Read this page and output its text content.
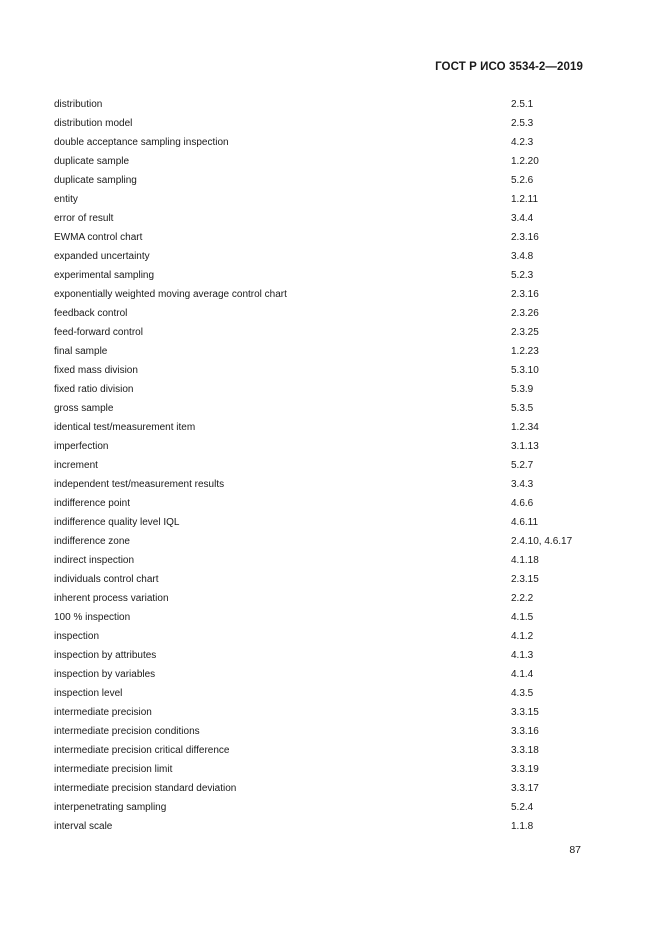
ГОСТ Р ИСО 3534-2—2019
distribution	2.5.1
distribution model	2.5.3
double acceptance sampling inspection	4.2.3
duplicate sample	1.2.20
duplicate sampling	5.2.6
entity	1.2.11
error of result	3.4.4
EWMA control chart	2.3.16
expanded uncertainty	3.4.8
experimental sampling	5.2.3
exponentially weighted moving average control chart	2.3.16
feedback control	2.3.26
feed-forward control	2.3.25
final sample	1.2.23
fixed mass division	5.3.10
fixed ratio division	5.3.9
gross sample	5.3.5
identical test/measurement item	1.2.34
imperfection	3.1.13
increment	5.2.7
independent test/measurement results	3.4.3
indifference point	4.6.6
indifference quality level IQL	4.6.11
indifference zone	2.4.10, 4.6.17
indirect inspection	4.1.18
individuals control chart	2.3.15
inherent process variation	2.2.2
100 % inspection	4.1.5
inspection	4.1.2
inspection by attributes	4.1.3
inspection by variables	4.1.4
inspection level	4.3.5
intermediate precision	3.3.15
intermediate precision conditions	3.3.16
intermediate precision critical difference	3.3.18
intermediate precision limit	3.3.19
intermediate precision standard deviation	3.3.17
interpenetrating sampling	5.2.4
interval scale	1.1.8
87
